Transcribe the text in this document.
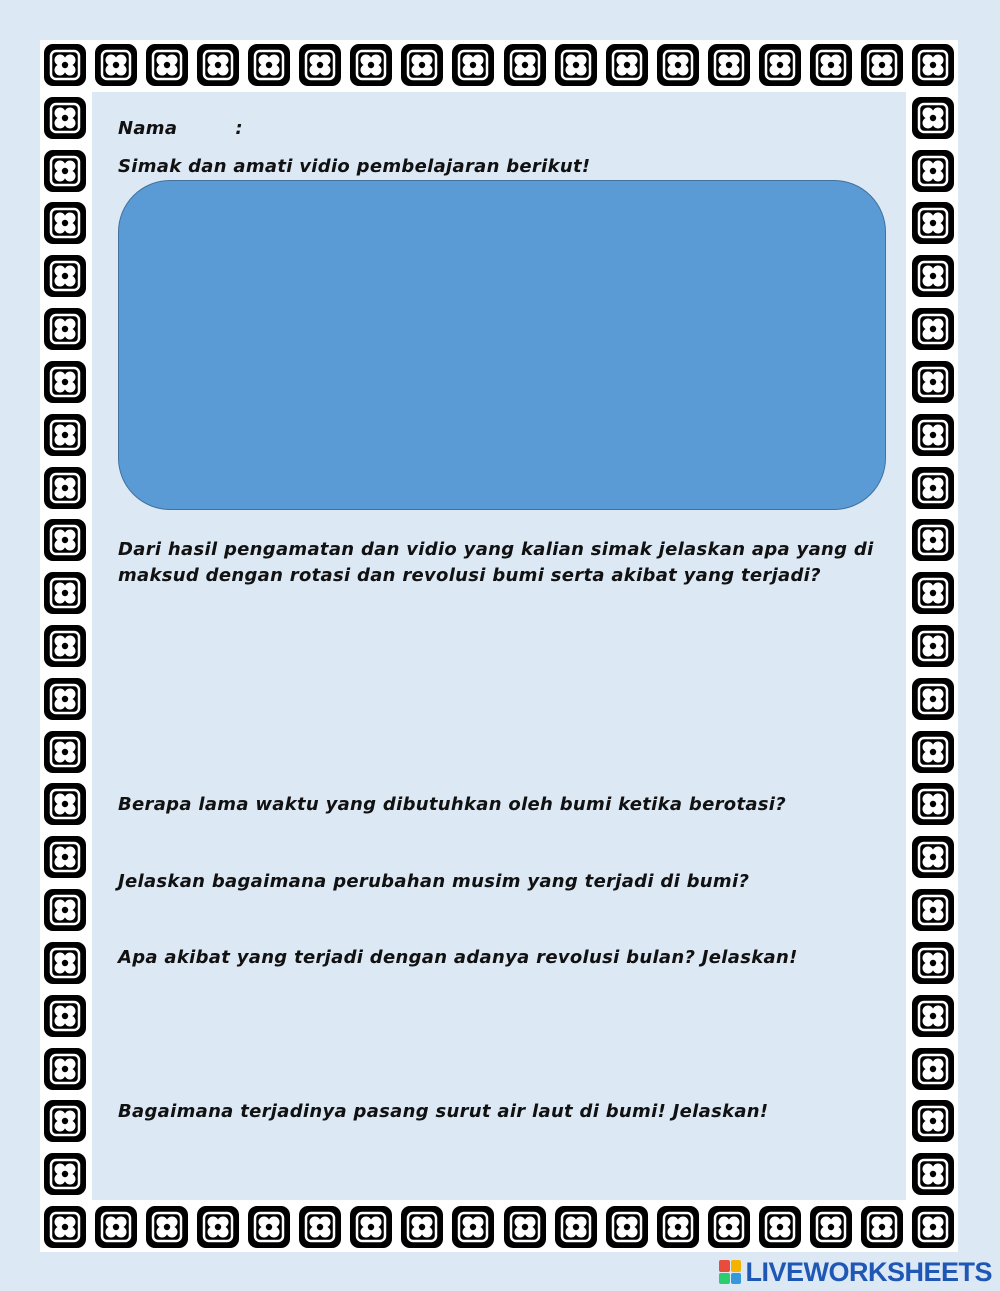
Nama	:

Simak dan amati vidio pembelajaran berikut!

Dari hasil pengamatan dan vidio yang kalian simak jelaskan apa yang di maksud dengan rotasi dan revolusi bumi serta akibat yang terjadi?

Berapa lama waktu yang dibutuhkan oleh bumi ketika berotasi?

Jelaskan bagaimana perubahan musim yang terjadi di bumi?

Apa akibat yang terjadi dengan adanya revolusi bulan? Jelaskan!

Bagaimana terjadinya pasang surut air laut di bumi! Jelaskan!

LIVEWORKSHEETS
